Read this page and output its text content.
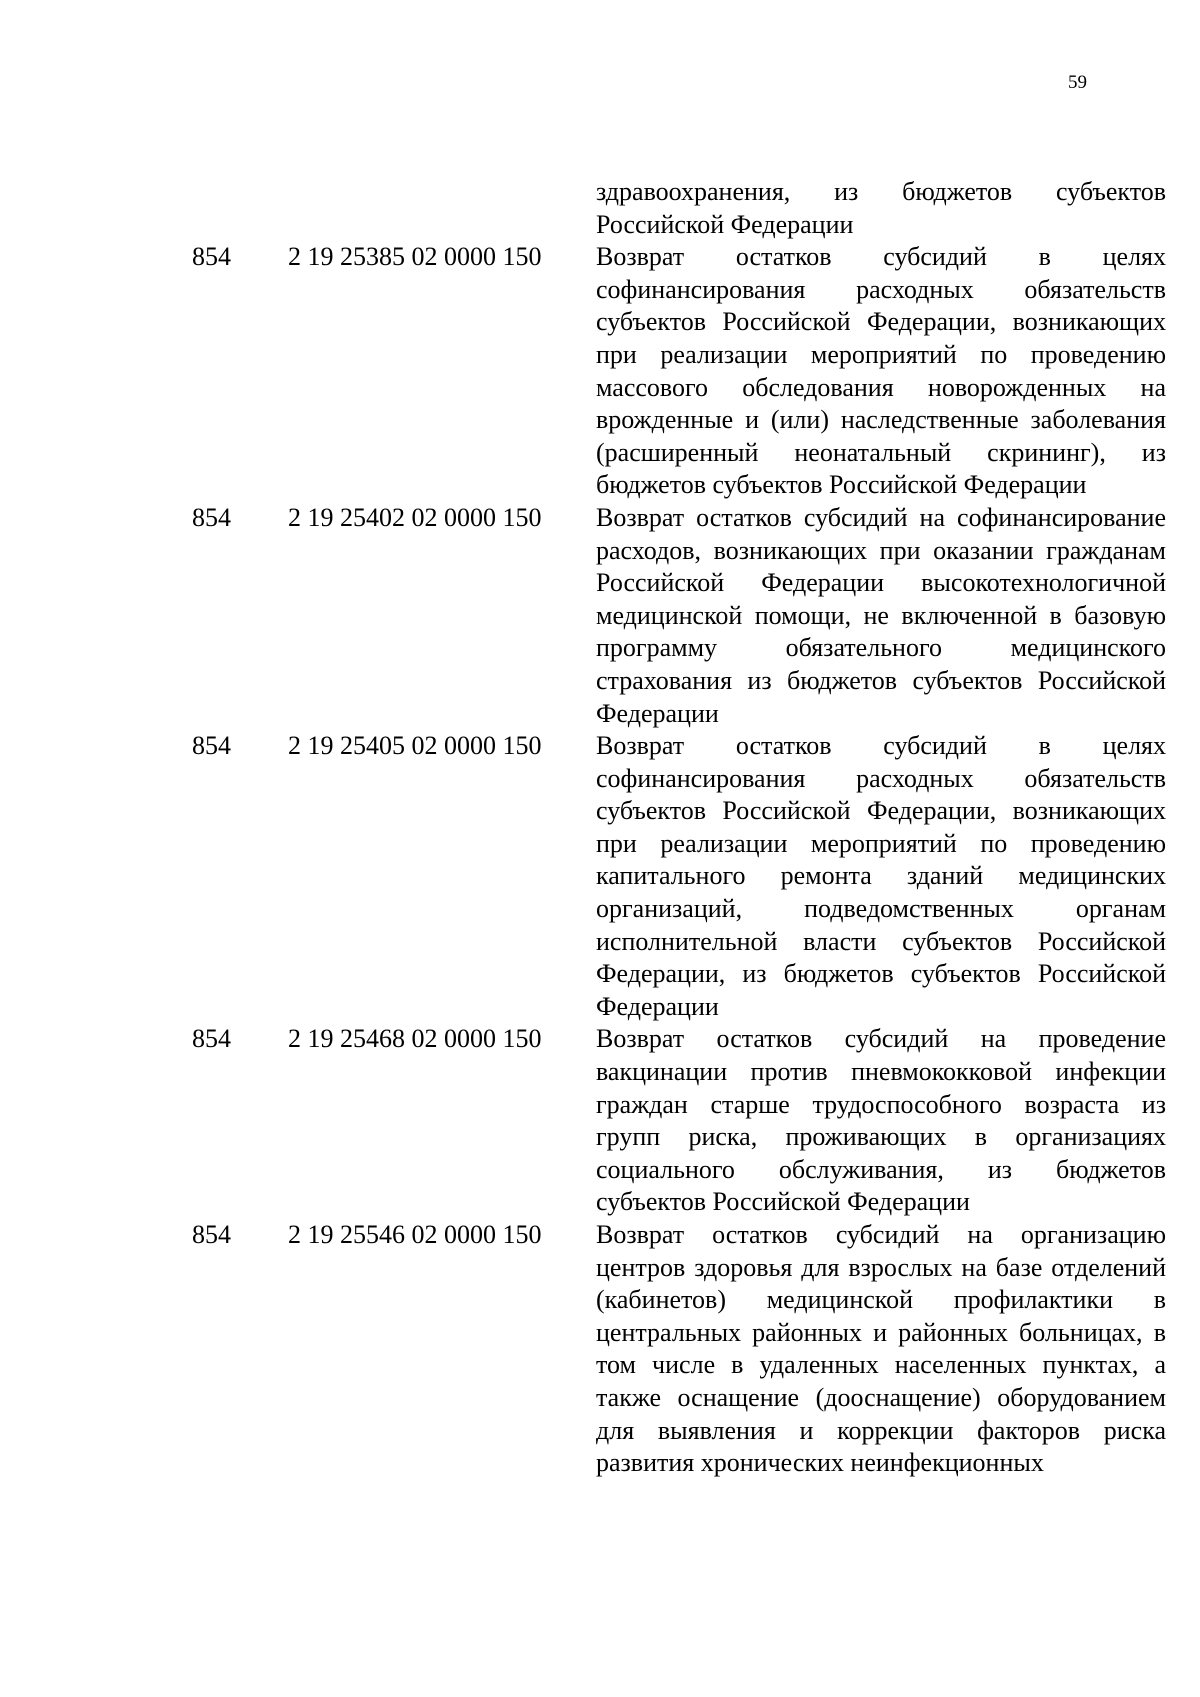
59
здравоохранения, из бюджетов субъектов Российской Федерации
854 2 19 25385 02 0000 150 Возврат остатков субсидий в целях софинансирования расходных обязательств субъектов Российской Федерации, возникающих при реализации мероприятий по проведению массового обследования новорожденных на врожденные и (или) наследственные заболевания (расширенный неонатальный скрининг), из бюджетов субъектов Российской Федерации
854 2 19 25402 02 0000 150 Возврат остатков субсидий на софинансирование расходов, возникающих при оказании гражданам Российской Федерации высокотехнологичной медицинской помощи, не включенной в базовую программу обязательного медицинского страхования из бюджетов субъектов Российской Федерации
854 2 19 25405 02 0000 150 Возврат остатков субсидий в целях софинансирования расходных обязательств субъектов Российской Федерации, возникающих при реализации мероприятий по проведению капитального ремонта зданий медицинских организаций, подведомственных органам исполнительной власти субъектов Российской Федерации, из бюджетов субъектов Российской Федерации
854 2 19 25468 02 0000 150 Возврат остатков субсидий на проведение вакцинации против пневмококковой инфекции граждан старше трудоспособного возраста из групп риска, проживающих в организациях социального обслуживания, из бюджетов субъектов Российской Федерации
854 2 19 25546 02 0000 150 Возврат остатков субсидий на организацию центров здоровья для взрослых на базе отделений (кабинетов) медицинской профилактики в центральных районных и районных больницах, в том числе в удаленных населенных пунктах, а также оснащение (дооснащение) оборудованием для выявления и коррекции факторов риска развития хронических неинфекционных
